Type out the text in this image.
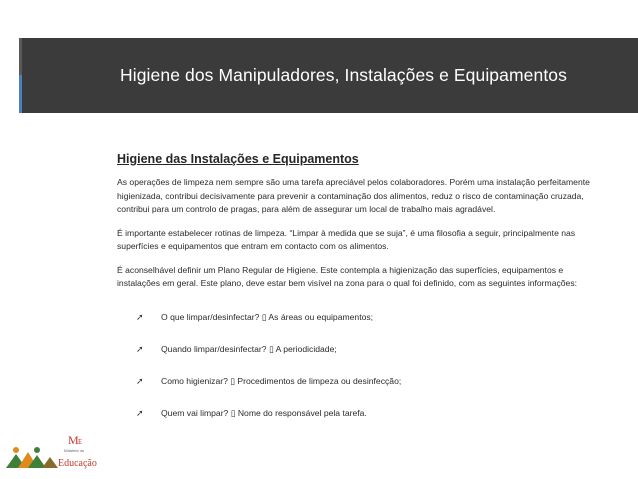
Higiene dos Manipuladores, Instalações e Equipamentos
Higiene das Instalações e Equipamentos

As operações de limpeza nem sempre são uma tarefa apreciável pelos colaboradores. Porém uma instalação perfeitamente higienizada, contribui decisivamente para prevenir a contaminação dos alimentos, reduz o risco de contaminação cruzada, contribui para um controlo de pragas, para além de assegurar um local de trabalho mais agradável.

É importante estabelecer rotinas de limpeza. “Limpar à medida que se suja”, é uma filosofia a seguir, principalmente nas superfícies e equipamentos que entram em contacto com os alimentos.

É aconselhável definir um Plano Regular de Higiene. Este contempla a higienização das superfícies, equipamentos e instalações em geral. Este plano, deve estar bem visível na zona para o qual foi definido, com as seguintes informações:

➚ O que limpar/desinfectar? ▯ As áreas ou equipamentos;
➚ Quando limpar/desinfectar? ▯ A periodicidade;
➚ Como higienizar? ▯ Procedimentos de limpeza ou desinfecção;
➚ Quem vai limpar? ▯ Nome do responsável pela tarefa.
M E
Ministério da
Educação
